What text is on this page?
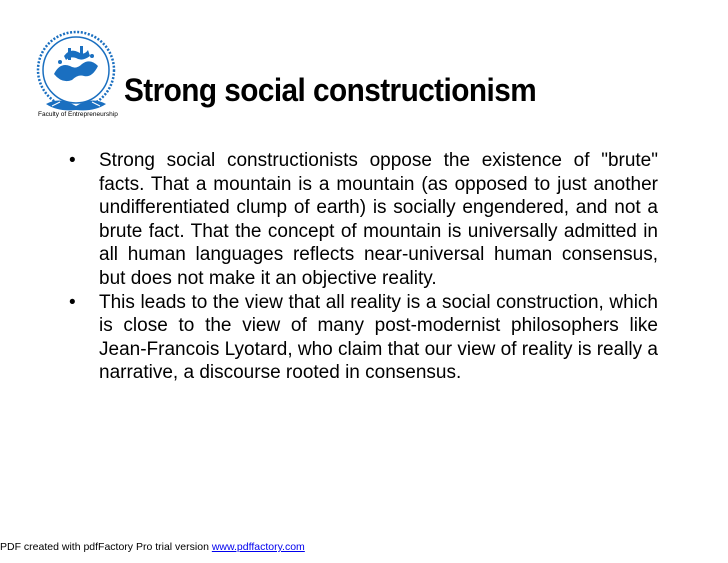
Faculty of Entrepreneurship
Strong social constructionism
• Strong social constructionists oppose the existence of "brute" facts. That a mountain is a mountain (as opposed to just another undifferentiated clump of earth) is socially engendered, and not a brute fact. That the concept of mountain is universally admitted in all human languages reflects near-universal human consensus, but does not make it an objective reality.
• This leads to the view that all reality is a social construction, which is close to the view of many post-modernist philosophers like Jean-Francois Lyotard, who claim that our view of reality is really a narrative, a discourse rooted in consensus.
PDF created with pdfFactory Pro trial version www.pdffactory.com
